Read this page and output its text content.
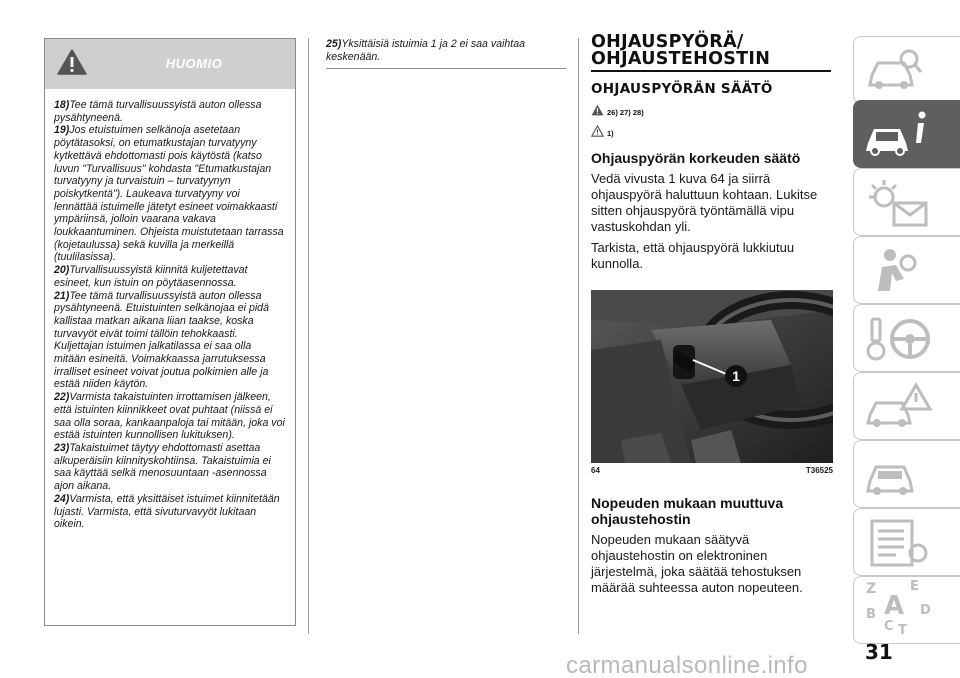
HUOMIO
18)Tee tämä turvallisuussyistä auton ollessa pysähtyneenä.
19)Jos etuistuimen selkänoja asetetaan pöytätasoksi, on etumatkustajan turvatyyny kytkettävä ehdottomasti pois käytöstä (katso luvun "Turvallisuus" kohdasta "Etumatkustajan turvatyyny ja turvaistuin – turvatyynyn poiskytkentä"). Laukeava turvatyyny voi lennättää istuimelle jätetyt esineet voimakkaasti ympäriinsä, jolloin vaarana vakava loukkaantuminen. Ohjeista muistutetaan tarrassa (kojetaulussa) sekä kuvilla ja merkeillä (tuulilasissa).
20)Turvallisuussyistä kiinnitä kuljetettavat esineet, kun istuin on pöytäasennossa.
21)Tee tämä turvallisuussyistä auton ollessa pysähtyneenä. Etuistuinten selkänojaa ei pidä kallistaa matkan aikana liian taakse, koska turvavyöt eivät toimi tällöin tehokkaasti. Kuljettajan istuimen jalkatilassa ei saa olla mitään esineitä. Voimakkaassa jarrutuksessa irralliset esineet voivat joutua polkimien alle ja estää niiden käytön.
22)Varmista takaistuinten irrottamisen jälkeen, että istuinten kiinnikkeet ovat puhtaat (niissä ei saa olla soraa, kankaanpaloja tai mitään, joka voi estää istuinten kunnollisen lukituksen).
23)Takaistuimet täytyy ehdottomasti asettaa alkuperäisiin kiinnityskohtiinsa. Takaistuimia ei saa käyttää selkä menosuuntaan -asennossa ajon aikana.
24)Varmista, että yksittäiset istuimet kiinnitetään lujasti. Varmista, että sivuturvavyöt lukitaan oikein.
25)Yksittäisiä istuimia 1 ja 2 ei saa vaihtaa keskenään.
OHJAUSPYÖRÄ/
OHJAUSTEHOSTIN
OHJAUSPYÖRÄN SÄÄTÖ
26) 27) 28)
1)
Ohjauspyörän korkeuden säätö
Vedä vivusta 1 kuva 64 ja siirrä ohjauspyörä haluttuun kohtaan. Lukitse sitten ohjauspyörä työntämällä vipu vastuskohdan yli.
Tarkista, että ohjauspyörä lukkiutuu kunnolla.
1
64	T36525
Nopeuden mukaan muuttuva ohjaustehostin
Nopeuden mukaan säätyvä ohjaustehostin on elektroninen järjestelmä, joka säätää tehostuksen määrää suhteessa auton nopeuteen.	Z	E
A
B
C T
D
31
carmanualsonline.info
